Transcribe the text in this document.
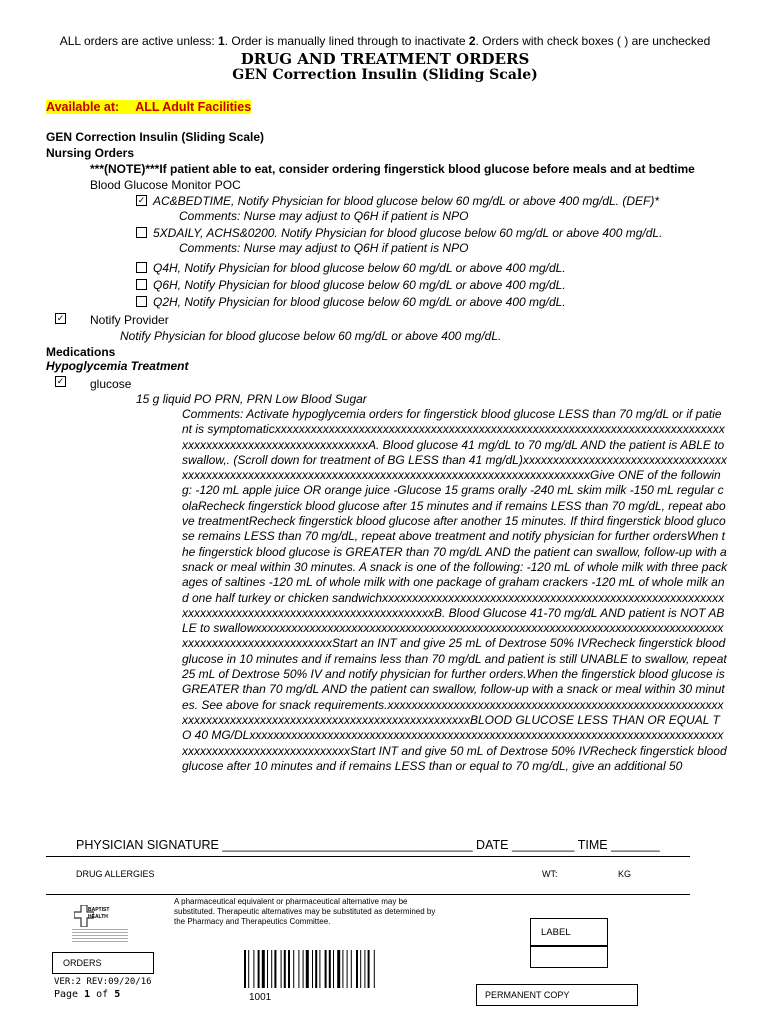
ALL orders are active unless: 1. Order is manually lined through to inactivate 2. Orders with check boxes ( ) are unchecked
DRUG AND TREATMENT ORDERS
GEN Correction Insulin (Sliding Scale)
Available at: ALL Adult Facilities
GEN Correction Insulin (Sliding Scale)
Nursing Orders
***(NOTE)***If patient able to eat, consider ordering fingerstick blood glucose before meals and at bedtime
Blood Glucose Monitor POC
✓ AC&BEDTIME, Notify Physician for blood glucose below 60 mg/dL or above 400 mg/dL. (DEF)*
Comments: Nurse may adjust to Q6H if patient is NPO
5XDAILY, ACHS&0200. Notify Physician for blood glucose below 60 mg/dL or above 400 mg/dL.
Comments: Nurse may adjust to Q6H if patient is NPO
Q4H, Notify Physician for blood glucose below 60 mg/dL or above 400 mg/dL.
Q6H, Notify Physician for blood glucose below 60 mg/dL or above 400 mg/dL.
Q2H, Notify Physician for blood glucose below 60 mg/dL or above 400 mg/dL.
✓ Notify Provider
Notify Physician for blood glucose below 60 mg/dL or above 400 mg/dL.
Medications
Hypoglycemia Treatment
✓ glucose
15 g liquid PO PRN, PRN Low Blood Sugar

Comments: Activate hypoglycemia orders for fingerstick blood glucose LESS than 70 mg/dL or if patient is symptomaticxxxxxxxxxxxxxxxxxxxxxxxxxxxxxxxxxxxxxxxxxxxxxxxxxxxxxxxxxxxxxxxxxxxxxxxxxxxxxxxxxxxxxxxxxxxxxxxxxxxxxxxxxxA. Blood glucose 41 mg/dL to 70 mg/dL AND the patient is ABLE to swallow,. (Scroll down for treatment of BG LESS than 41 mg/dL)xxxxxxxxxxxxxxxxxxxxxxxxxxxxxxxxxxxxxxxxxxxxxxxxxxxxxxxxxxxxxxxxxxxxxxxxxxxxxxxxxxxxxxxxxxxxxxxxxxxxxxGive ONE of the following: -120 mL apple juice OR orange juice -Glucose 15 grams orally -240 mL skim milk -150 mL regular colaRecheck fingerstick blood glucose after 15 minutes and if remains LESS than 70 mg/dL, repeat above treatmentRecheck fingerstick blood glucose after another 15 minutes. If third fingerstick blood glucose remains LESS than 70 mg/dL, repeat above treatment and notify physician for further ordersWhen the fingerstick blood glucose is GREATER than 70 mg/dL AND the patient can swallow, follow-up with a snack or meal within 30 minutes. A snack is one of the following: -120 mL of whole milk with three packages of saltines -120 mL of whole milk with one package of graham crackers -120 mL of whole milk and one half turkey or chicken sandwichxxxxxxxxxxxxxxxxxxxxxxxxxxxxxxxxxxxxxxxxxxxxxxxxxxxxxxxxxxxxxxxxxxxxxxxxxxxxxxxxxxxxxxxxxxxxxxxxxxxB. Blood Glucose 41-70 mg/dL AND patient is NOT ABLE to swallowxxxxxxxxxxxxxxxxxxxxxxxxxxxxxxxxxxxxxxxxxxxxxxxxxxxxxxxxxxxxxxxxxxxxxxxxxxxxxxxxxxxxxxxxxxxxxxxxxxxxxxxStart an INT and give 25 mL of Dextrose 50% IVRecheck fingerstick blood glucose in 10 minutes and if remains less than 70 mg/dL and patient is still UNABLE to swallow, repeat 25 mL of Dextrose 50% IV and notify physician for further orders.When the fingerstick blood glucose is GREATER than 70 mg/dL AND the patient can swallow, follow-up with a snack or meal within 30 minutes. See above for snack requirements.xxxxxxxxxxxxxxxxxxxxxxxxxxxxxxxxxxxxxxxxxxxxxxxxxxxxxxxxxxxxxxxxxxxxxxxxxxxxxxxxxxxxxxxxxxxxxxxxxxxxxxxxBLOOD GLUCOSE LESS THAN OR EQUAL TO 40 MG/DLxxxxxxxxxxxxxxxxxxxxxxxxxxxxxxxxxxxxxxxxxxxxxxxxxxxxxxxxxxxxxxxxxxxxxxxxxxxxxxxxxxxxxxxxxxxxxxxxxxxxxxxxxxxStart INT and give 50 mL of Dextrose 50% IVRecheck fingerstick blood glucose after 10 minutes and if remains LESS than or equal to 70 mg/dL, give an additional 50

PHYSICIAN SIGNATURE ____________________________________ DATE _________ TIME _______
DRUG ALLERGIES	WT:	KG
BAPTIST
HEALTH
A pharmaceutical equivalent or pharmaceutical alternative may be substituted. Therapeutic alternatives may be substituted as determined by the Pharmacy and Therapeutics Committee.
LABEL
ORDERS
VER:2 REV:09/20/16
Page 1 of 5	1001	PERMANENT COPY
